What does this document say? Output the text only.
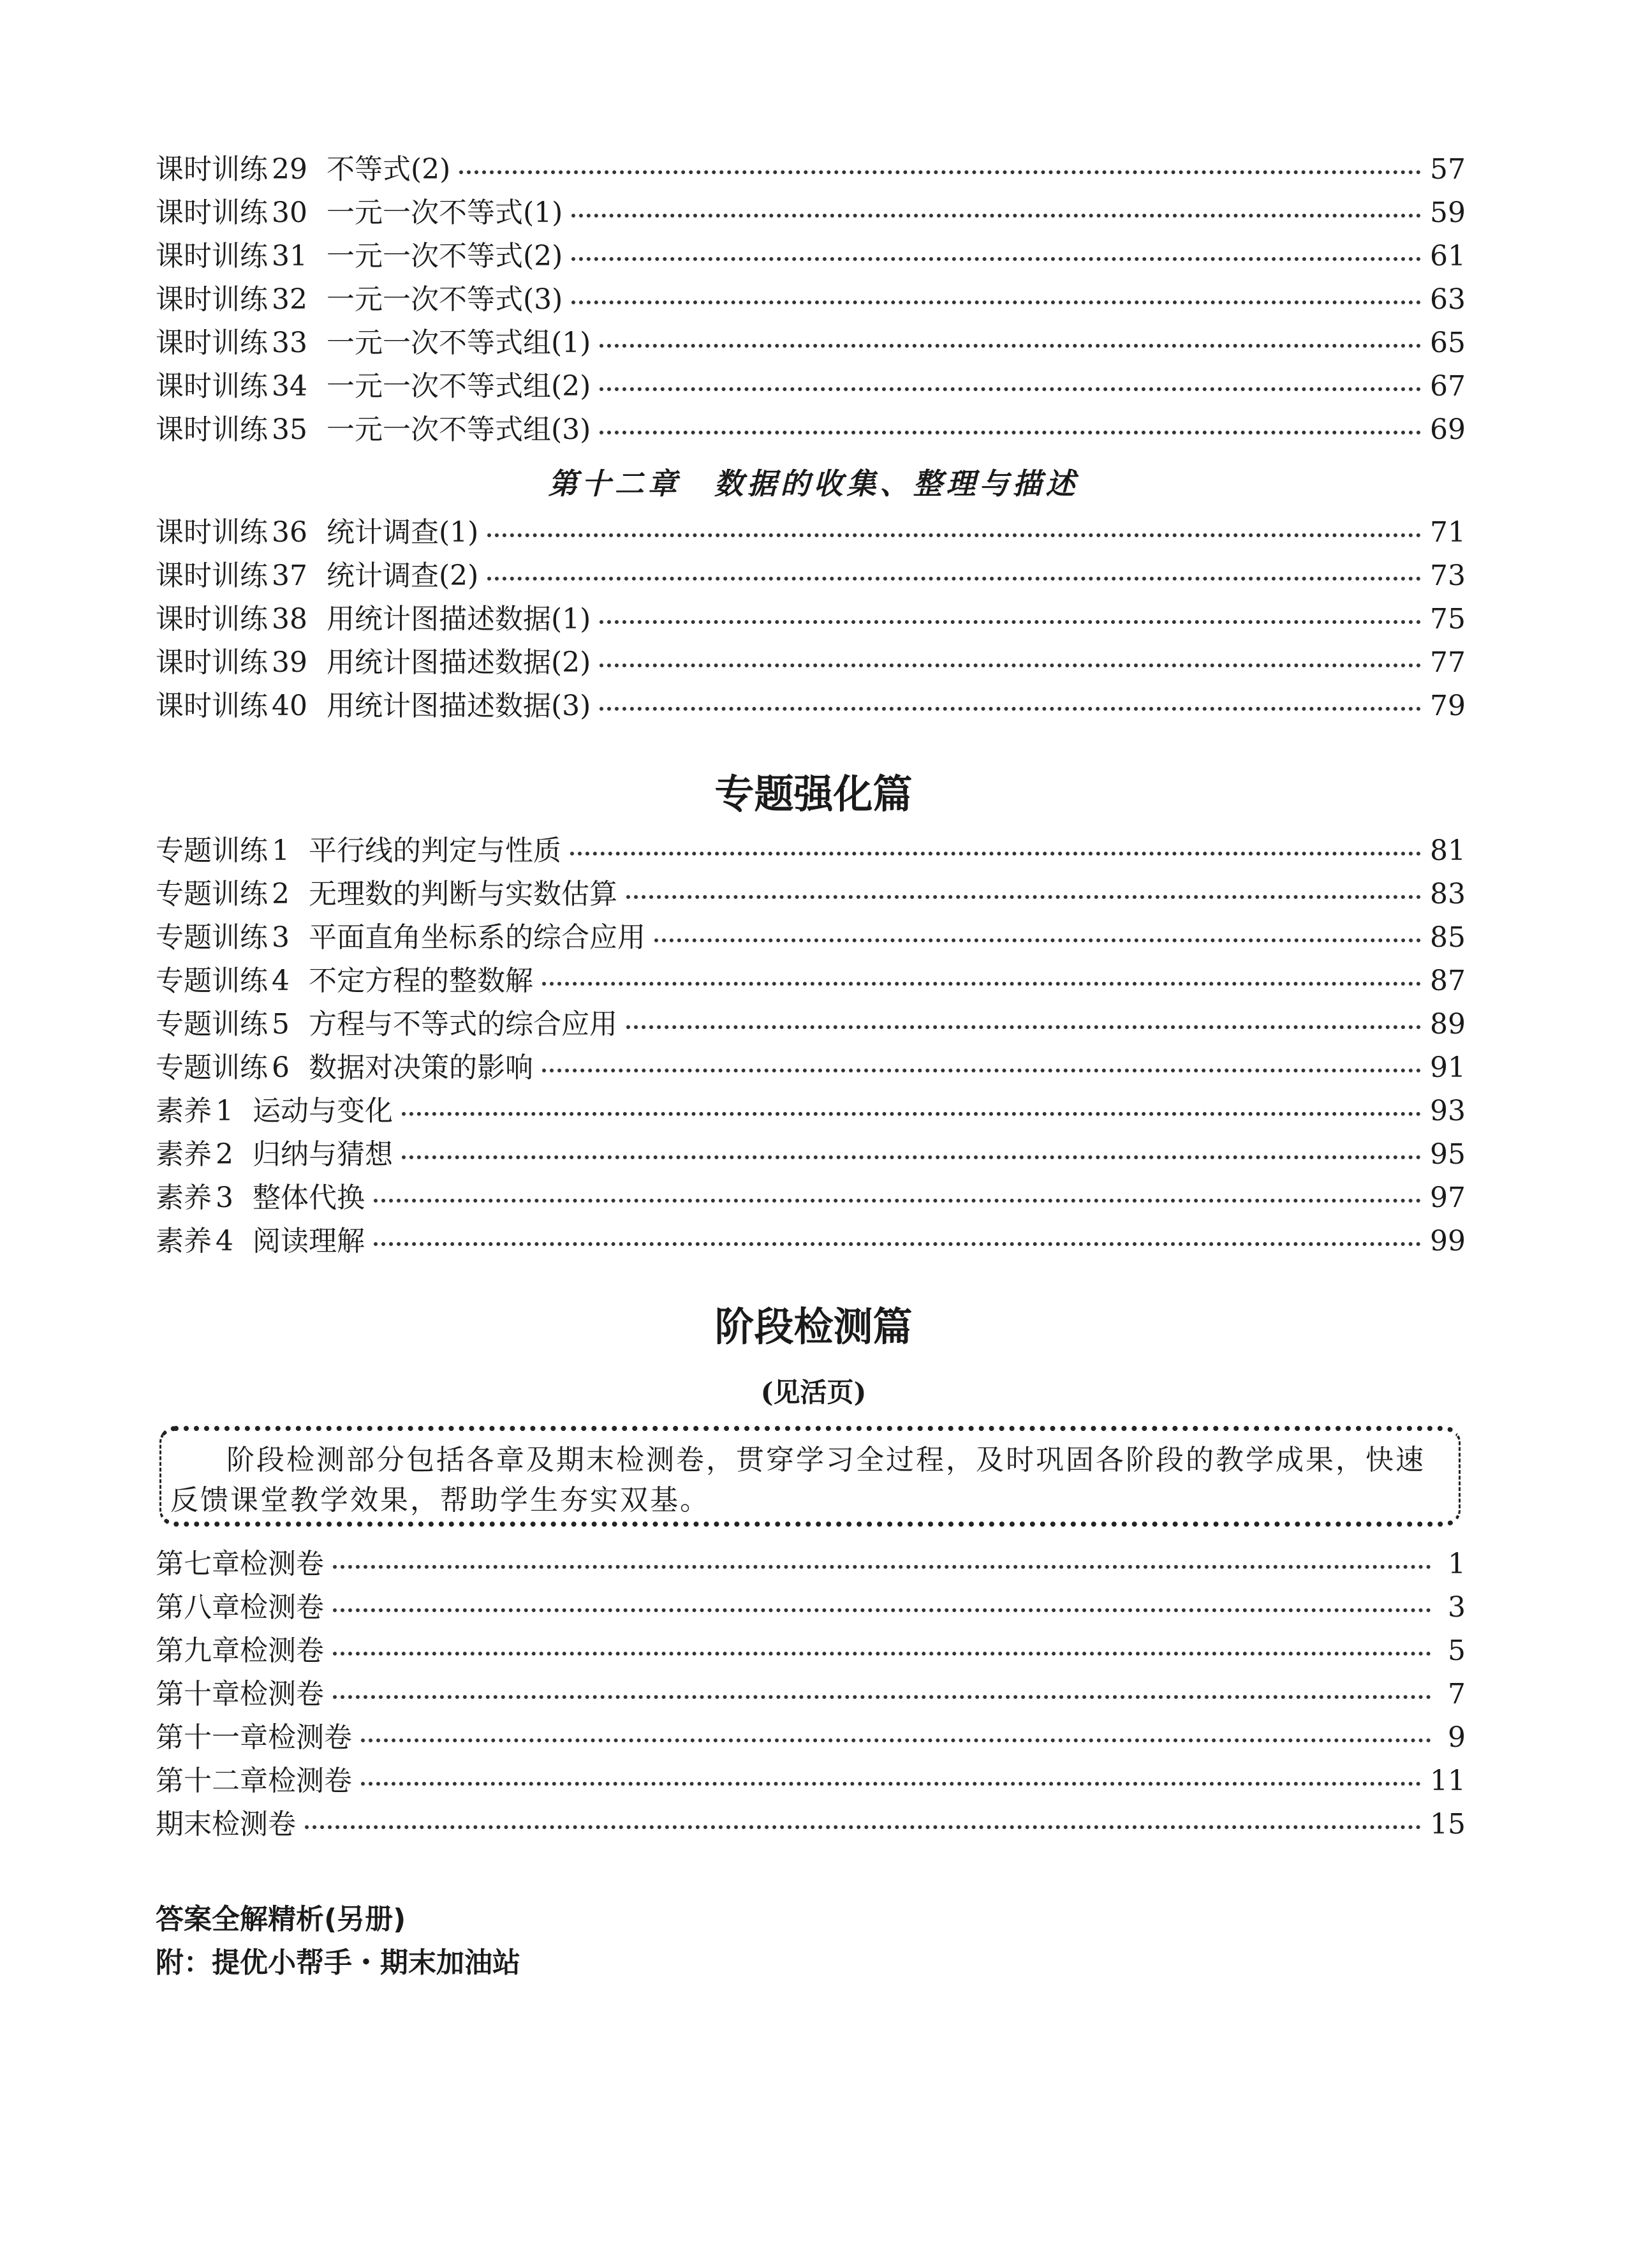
课时训练 29 不等式(2)	57
课时训练 30 一元一次不等式(1)	59
课时训练 31 一元一次不等式(2)	61
课时训练 32 一元一次不等式(3)	63
课时训练 33 一元一次不等式组(1)	65
课时训练 34 一元一次不等式组(2)	67
课时训练 35 一元一次不等式组(3)	69
第十二章　数据的收集、整理与描述
课时训练 36 统计调查(1)	71
课时训练 37 统计调查(2)	73
课时训练 38 用统计图描述数据(1)	75
课时训练 39 用统计图描述数据(2)	77
课时训练 40 用统计图描述数据(3)	79
专题强化篇
专题训练 1 平行线的判定与性质	81
专题训练 2 无理数的判断与实数估算	83
专题训练 3 平面直角坐标系的综合应用	85
专题训练 4 不定方程的整数解	87
专题训练 5 方程与不等式的综合应用	89
专题训练 6 数据对决策的影响	91
素养 1 运动与变化	93
素养 2 归纳与猜想	95
素养 3 整体代换	97
素养 4 阅读理解	99
阶段检测篇
(见活页)

阶段检测部分包括各章及期末检测卷，贯穿学习全过程，及时巩固各阶段的教学成果，快速反馈课堂教学效果，帮助学生夯实双基。

第七章检测卷	1
第八章检测卷	3
第九章检测卷	5
第十章检测卷	7
第十一章检测卷	9
第十二章检测卷	11
期末检测卷	15
答案全解精析(另册)
附：提优小帮手・期末加油站
